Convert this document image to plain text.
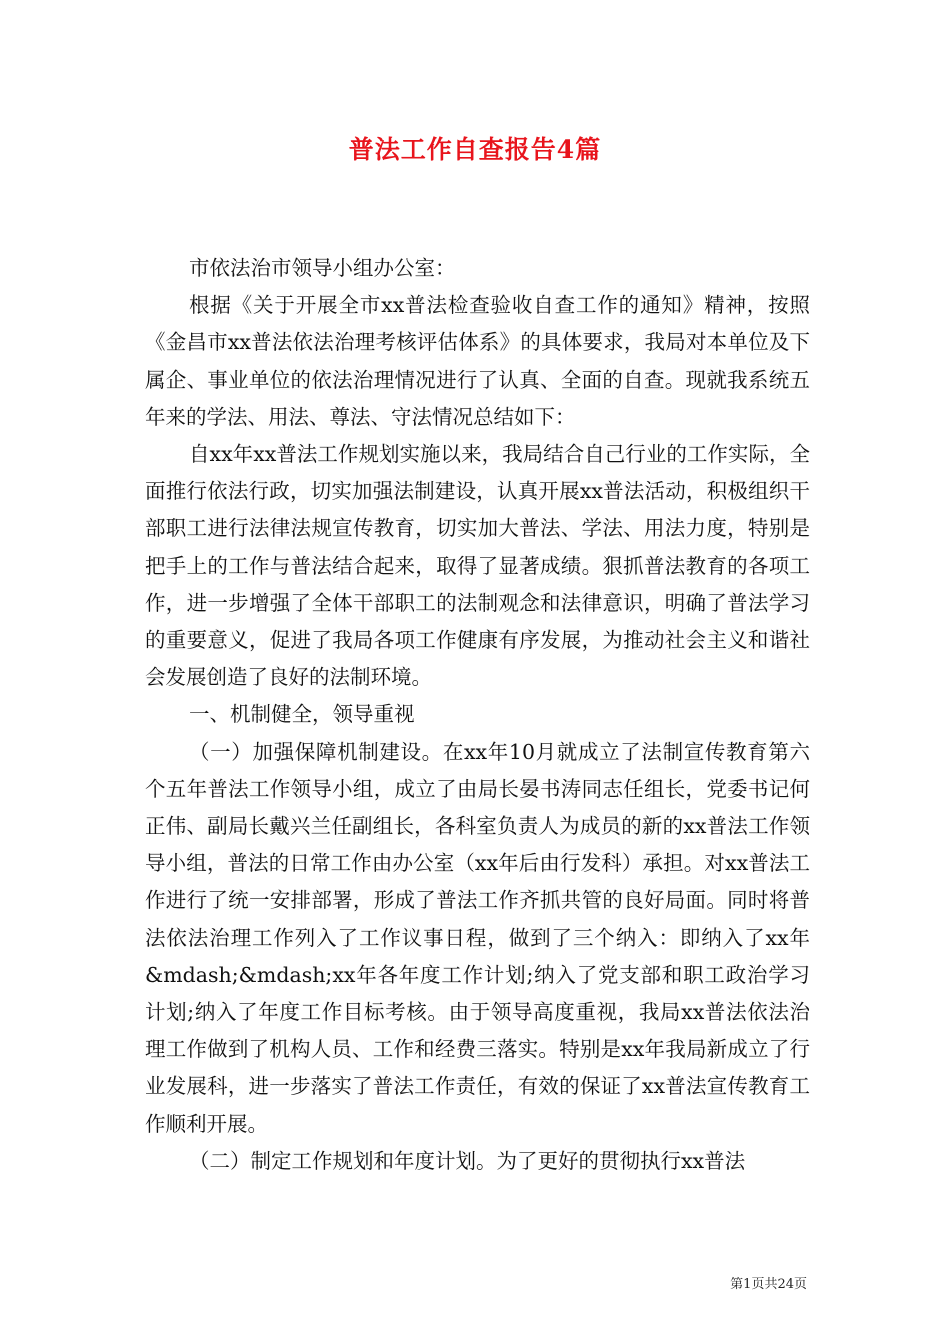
普法工作自查报告4篇

市依法治市领导小组办公室：

根据《关于开展全市xx普法检查验收自查工作的通知》精神，按照《金昌市xx普法依法治理考核评估体系》的具体要求，我局对本单位及下属企、事业单位的依法治理情况进行了认真、全面的自查。现就我系统五年来的学法、用法、尊法、守法情况总结如下：

自xx年xx普法工作规划实施以来，我局结合自己行业的工作实际，全面推行依法行政，切实加强法制建设，认真开展xx普法活动，积极组织干部职工进行法律法规宣传教育，切实加大普法、学法、用法力度，特别是把手上的工作与普法结合起来，取得了显著成绩。狠抓普法教育的各项工作，进一步增强了全体干部职工的法制观念和法律意识，明确了普法学习的重要意义，促进了我局各项工作健康有序发展，为推动社会主义和谐社会发展创造了良好的法制环境。

一、机制健全，领导重视

（一）加强保障机制建设。在xx年10月就成立了法制宣传教育第六个五年普法工作领导小组，成立了由局长晏书涛同志任组长，党委书记何正伟、副局长戴兴兰任副组长，各科室负责人为成员的新的xx普法工作领导小组，普法的日常工作由办公室（xx年后由行发科）承担。对xx普法工作进行了统一安排部署，形成了普法工作齐抓共管的良好局面。同时将普法依法治理工作列入了工作议事日程，做到了三个纳入：即纳入了xx年&mdash;&mdash;xx年各年度工作计划;纳入了党支部和职工政治学习计划;纳入了年度工作目标考核。由于领导高度重视，我局xx普法依法治理工作做到了机构人员、工作和经费三落实。特别是xx年我局新成立了行业发展科，进一步落实了普法工作责任，有效的保证了xx普法宣传教育工作顺利开展。

（二）制定工作规划和年度计划。为了更好的贯彻执行xx普法

第1页共24页
